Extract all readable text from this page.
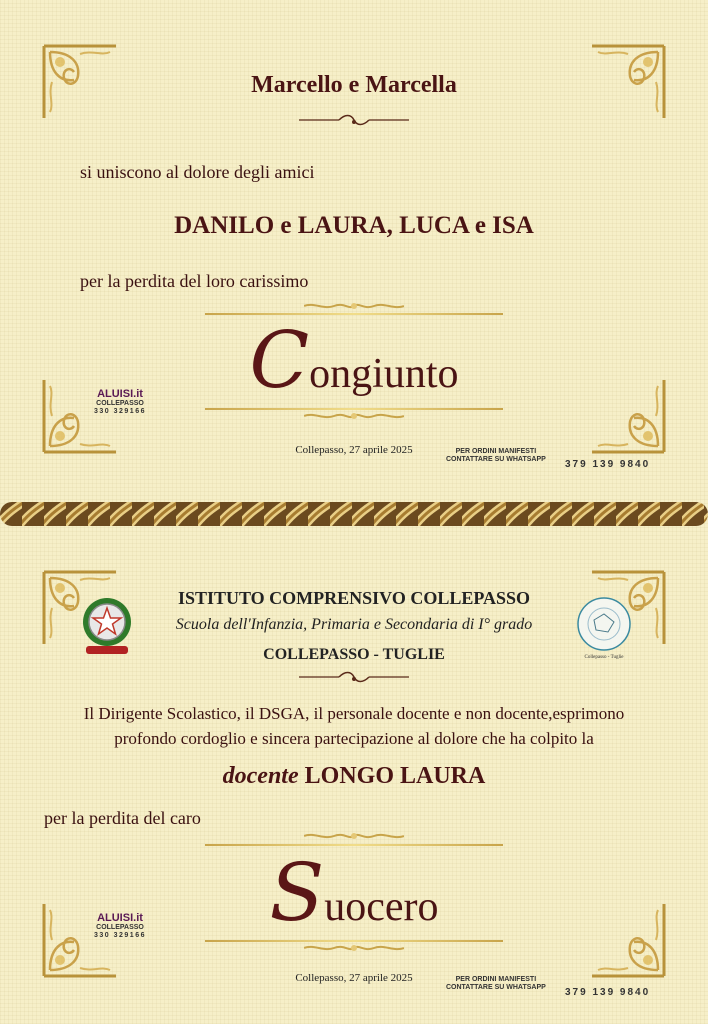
Marcello e Marcella
si uniscono al dolore degli amici
DANILO e LAURA, LUCA e ISA
per la perdita del loro carissimo
Congiunto
ALUISI.it
COLLEPASSO
330 329166
Collepasso, 27 aprile 2025	PER ORDINI MANIFESTI
CONTATTARE SU WHATSAPP 379 139 9840
Collepasso - Tuglie
ISTITUTO COMPRENSIVO COLLEPASSO
Scuola dell'Infanzia, Primaria e Secondaria di I° grado
COLLEPASSO - TUGLIE
Il Dirigente Scolastico, il DSGA, il personale docente e non docente,esprimono
profondo cordoglio e sincera partecipazione al dolore che ha colpito la
docente LONGO LAURA
per la perdita del caro
Suocero
ALUISI.it
COLLEPASSO
330 329166
Collepasso, 27 aprile 2025	PER ORDINI MANIFESTI
CONTATTARE SU WHATSAPP 379 139 9840
